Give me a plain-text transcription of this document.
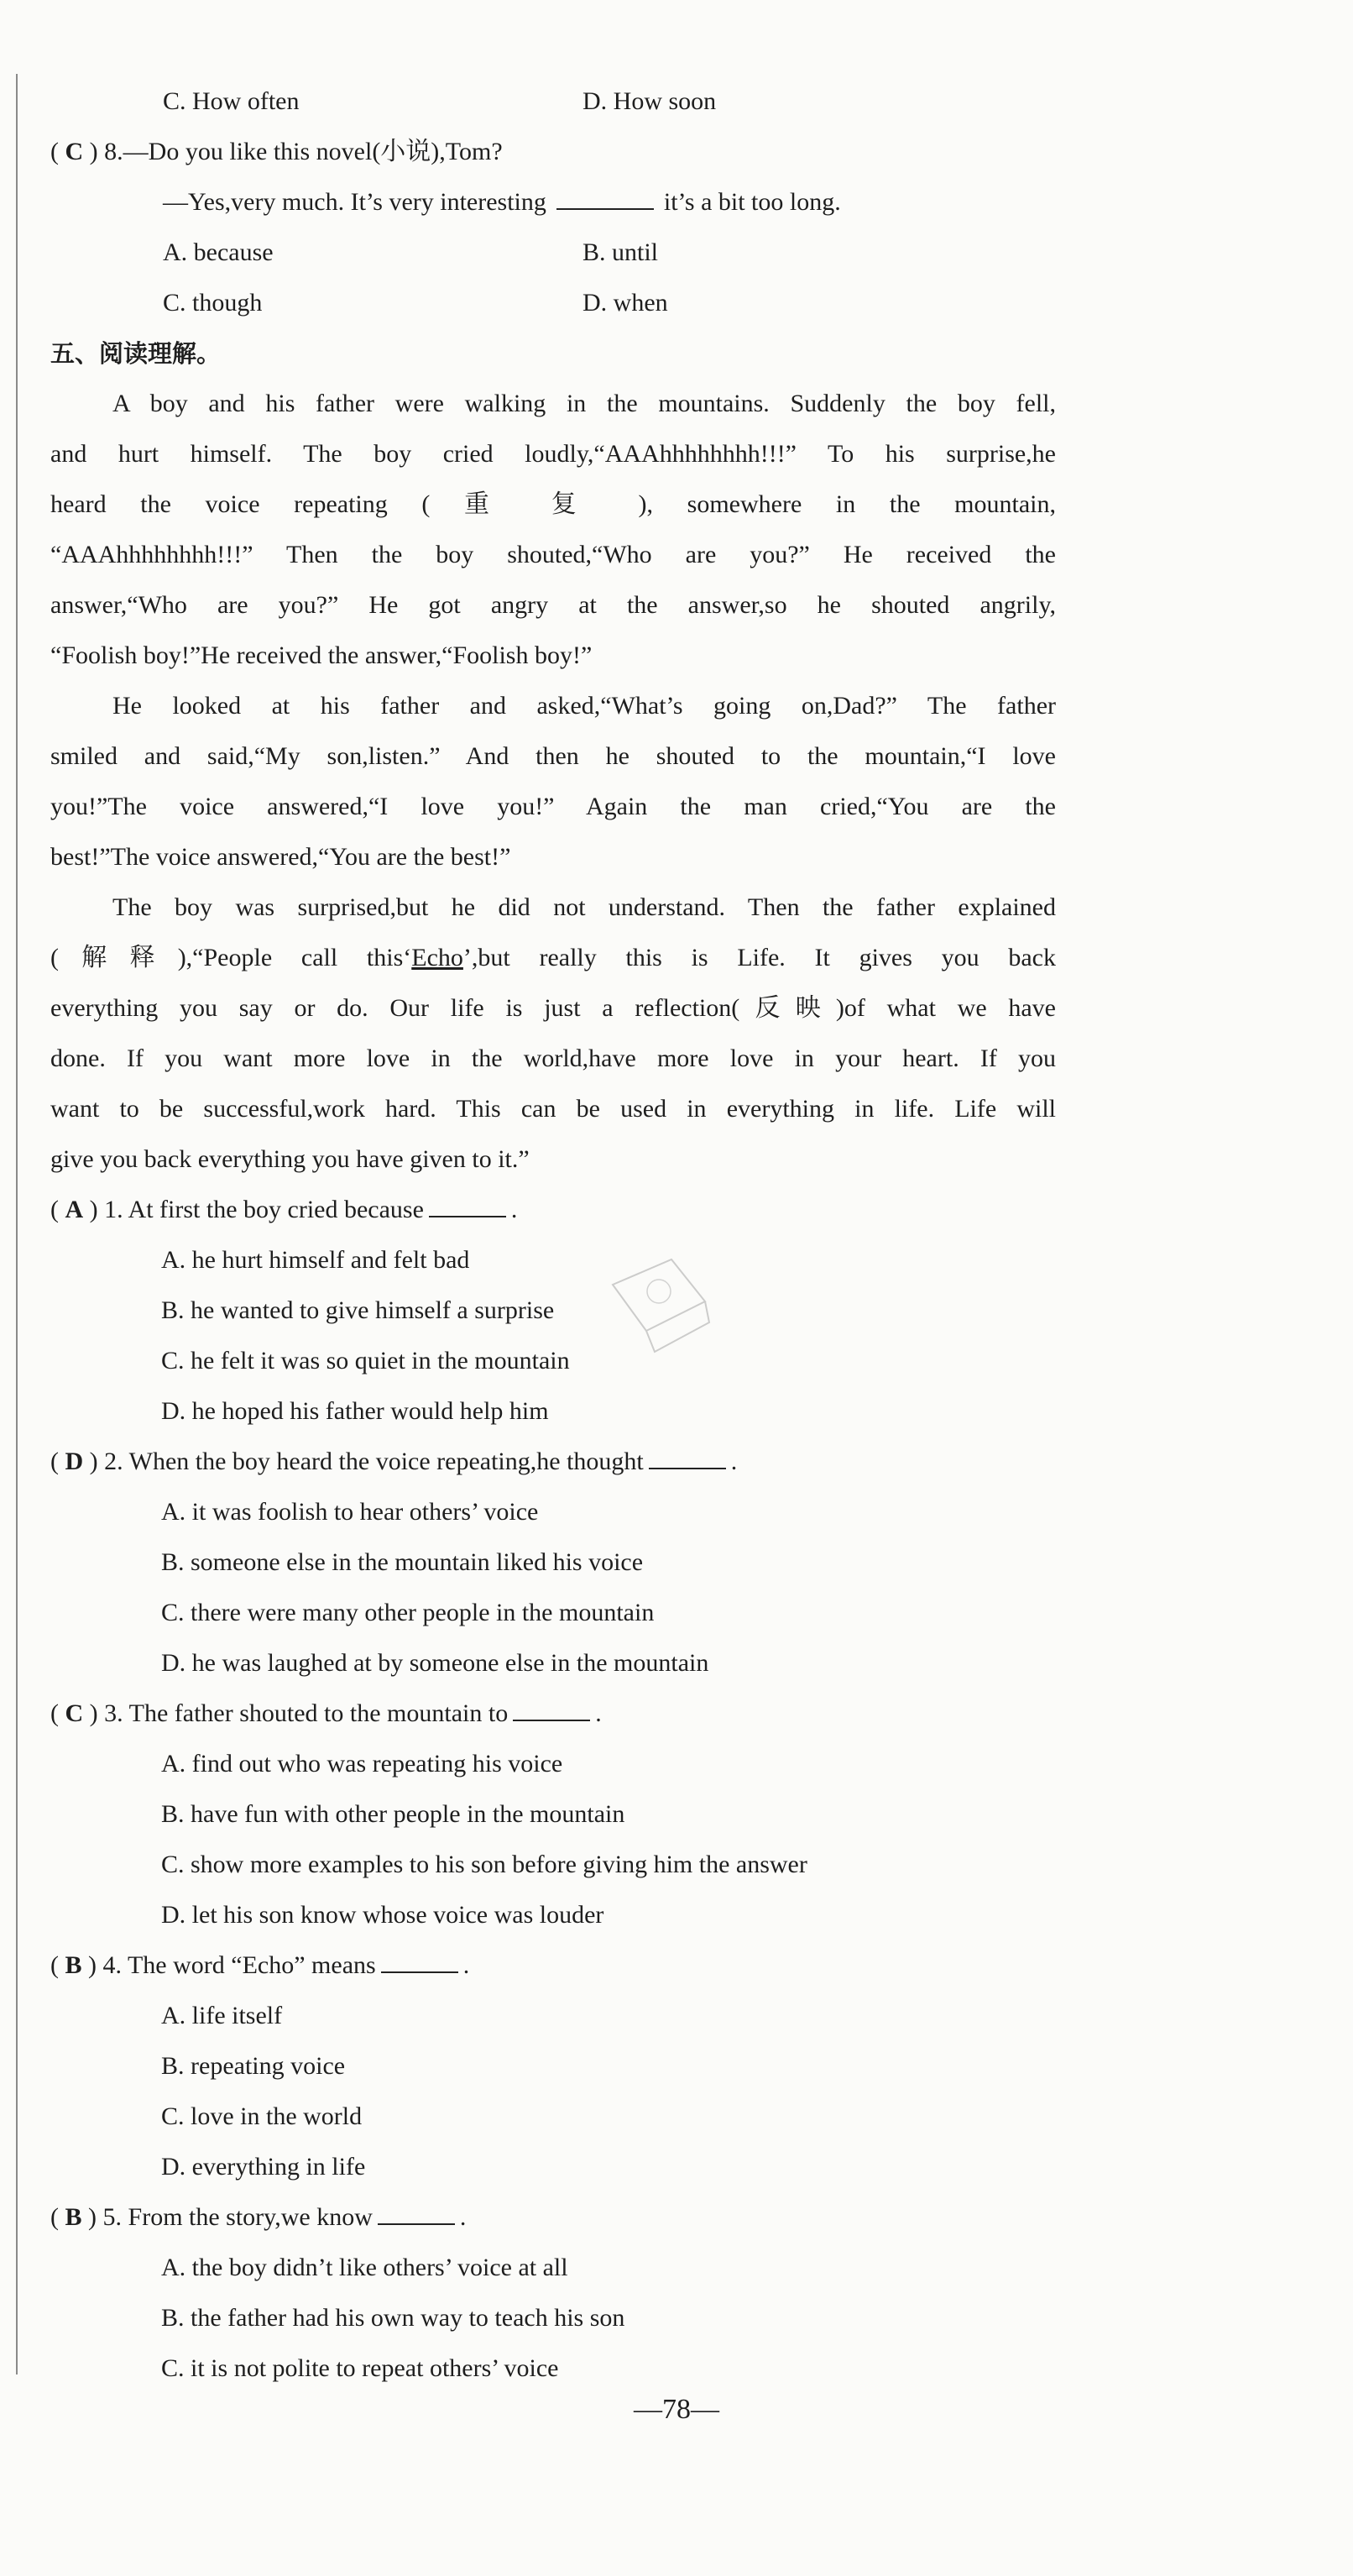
C. How often	D. How soon
( C ) 8.—Do you like this novel(小说),Tom?
—Yes,very much. It’s very interesting	it’s a bit too long.
A. because	B. until
C. though	D. when
五、阅读理解。
A boy and his father were walking in the mountains. Suddenly the boy fell,
and hurt himself. The boy cried loudly,“AAAhhhhhhhh!!!” To his surprise,he
heard the voice repeating ( 重 复 ), somewhere in the mountain,
“AAAhhhhhhhh!!!” Then the boy shouted,“Who are you?” He received the
answer,“Who are you?” He got angry at the answer,so he shouted angrily,
“Foolish boy!”He received the answer,“Foolish boy!”
He looked at his father and asked,“What’s going on,Dad?” The father
smiled and said,“My son,listen.” And then he shouted to the mountain,“I love
you!”The voice answered,“I love you!” Again the man cried,“You are the
best!”The voice answered,“You are the best!”
The boy was surprised,but he did not understand. Then the father explained
(解释),“People call this‘Echo’,but really this is Life. It gives you back
everything you say or do. Our life is just a reflection(反映)of what we have
done. If you want more love in the world,have more love in your heart. If you
want to be successful,work hard. This can be used in everything in life. Life will
give you back everything you have given to it.”
( A ) 1. At first the boy cried because	.
A. he hurt himself and felt bad
B. he wanted to give himself a surprise
C. he felt it was so quiet in the mountain
D. he hoped his father would help him
( D ) 2. When the boy heard the voice repeating,he thought	.
A. it was foolish to hear others’ voice
B. someone else in the mountain liked his voice
C. there were many other people in the mountain
D. he was laughed at by someone else in the mountain
( C ) 3. The father shouted to the mountain to	.
A. find out who was repeating his voice
B. have fun with other people in the mountain
C. show more examples to his son before giving him the answer
D. let his son know whose voice was louder
( B ) 4. The word “Echo” means	.
A. life itself
B. repeating voice
C. love in the world
D. everything in life
( B ) 5. From the story,we know	.
A. the boy didn’t like others’ voice at all
B. the father had his own way to teach his son
C. it is not polite to repeat others’ voice
—78—
